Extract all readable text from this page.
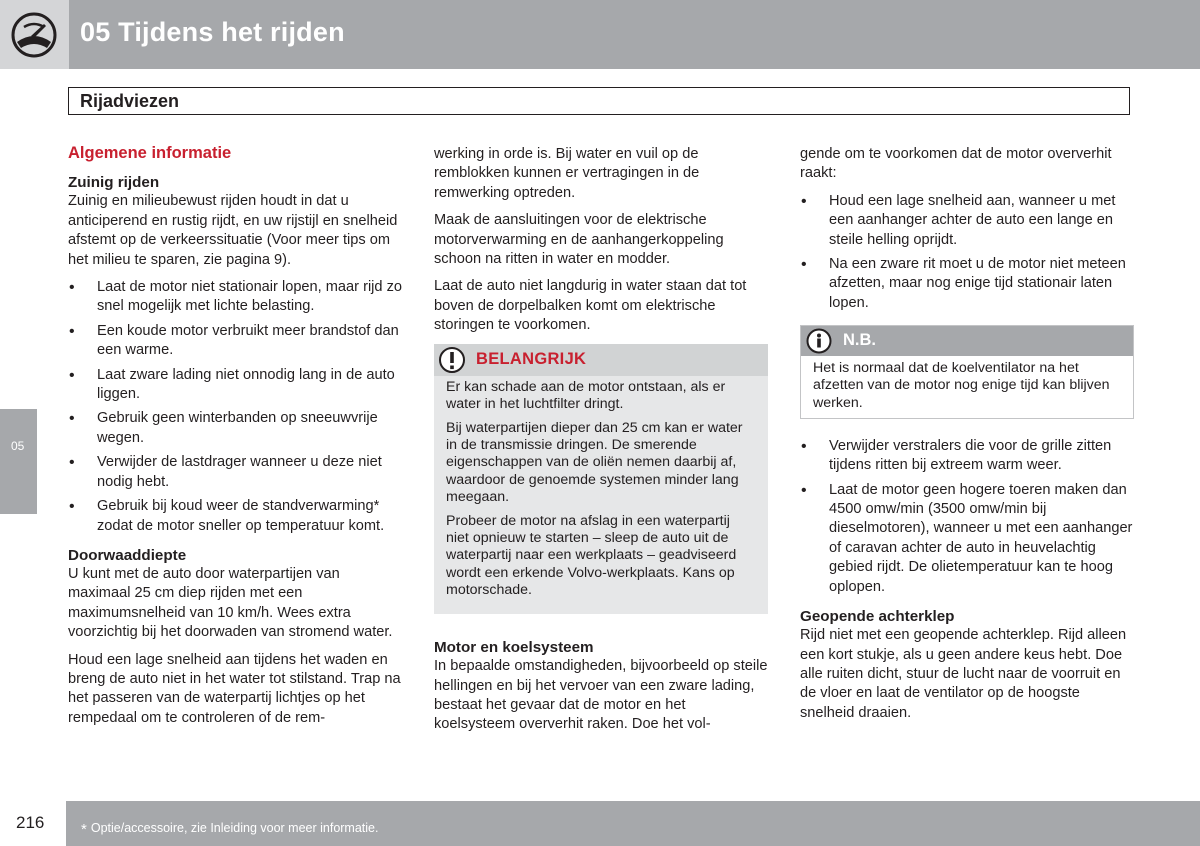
05 Tijdens het rijden
Rijadviezen
05
Algemene informatie
Zuinig rijden

Zuinig en milieubewust rijden houdt in dat u anticiperend en rustig rijdt, en uw rijstijl en snelheid afstemt op de verkeerssituatie (Voor meer tips om het milieu te sparen, zie pagina 9).

• Laat de motor niet stationair lopen, maar rijd zo snel mogelijk met lichte belasting.
• Een koude motor verbruikt meer brandstof dan een warme.
• Laat zware lading niet onnodig lang in de auto liggen.
• Gebruik geen winterbanden op sneeuwvrije wegen.
• Verwijder de lastdrager wanneer u deze niet nodig hebt.
• Gebruik bij koud weer de standverwarming* zodat de motor sneller op temperatuur komt.
Doorwaaddiepte

U kunt met de auto door waterpartijen van maximaal 25 cm diep rijden met een maximumsnelheid van 10 km/h. Wees extra voorzichtig bij het doorwaden van stromend water.

Houd een lage snelheid aan tijdens het waden en breng de auto niet in het water tot stilstand. Trap na het passeren van de waterpartij lichtjes op het rempedaal om te controleren of de rem-

werking in orde is. Bij water en vuil op de remblokken kunnen er vertragingen in de remwerking optreden.

Maak de aansluitingen voor de elektrische motorverwarming en de aanhangerkoppeling schoon na ritten in water en modder.

Laat de auto niet langdurig in water staan dat tot boven de dorpelbalken komt om elektrische storingen te voorkomen.

BELANGRIJK

Er kan schade aan de motor ontstaan, als er water in het luchtfilter dringt.

Bij waterpartijen dieper dan 25 cm kan er water in de transmissie dringen. De smerende eigenschappen van de oliën nemen daarbij af, waardoor de genoemde systemen minder lang meegaan.

Probeer de motor na afslag in een waterpartij niet opnieuw te starten – sleep de auto uit de waterpartij naar een werkplaats – geadviseerd wordt een erkende Volvo-werkplaats. Kans op motorschade.

Motor en koelsysteem

In bepaalde omstandigheden, bijvoorbeeld op steile hellingen en bij het vervoer van een zware lading, bestaat het gevaar dat de motor en het koelsysteem oververhit raken. Doe het vol-

gende om te voorkomen dat de motor oververhit raakt:

• Houd een lage snelheid aan, wanneer u met een aanhanger achter de auto een lange en steile helling oprijdt.
• Na een zware rit moet u de motor niet meteen afzetten, maar nog enige tijd stationair laten lopen.
N.B.
Het is normaal dat de koelventilator na het afzetten van de motor nog enige tijd kan blijven werken.
• Verwijder verstralers die voor de grille zitten tijdens ritten bij extreem warm weer.
• Laat de motor geen hogere toeren maken dan 4500 omw/min (3500 omw/min bij dieselmotoren), wanneer u met een aanhanger of caravan achter de auto in heuvelachtig gebied rijdt. De olietemperatuur kan te hoog oplopen.
Geopende achterklep

Rijd niet met een geopende achterklep. Rijd alleen een kort stukje, als u geen andere keus hebt. Doe alle ruiten dicht, stuur de lucht naar de voorruit en de vloer en laat de ventilator op de hoogste snelheid draaien.

216 * Optie/accessoire, zie Inleiding voor meer informatie.
